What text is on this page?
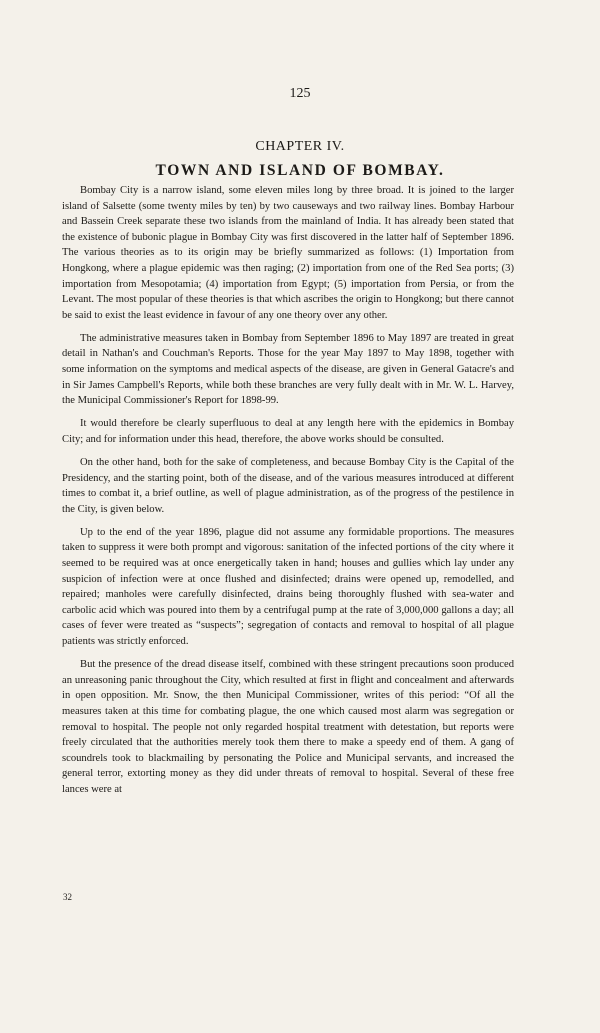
125
CHAPTER IV.
TOWN AND ISLAND OF BOMBAY.

Bombay City is a narrow island, some eleven miles long by three broad. It is joined to the larger island of Salsette (some twenty miles by ten) by two causeways and two railway lines. Bombay Harbour and Bassein Creek separate these two islands from the mainland of India. It has already been stated that the existence of bubonic plague in Bombay City was first discovered in the latter half of September 1896. The various theories as to its origin may be briefly summarized as follows: (1) Importation from Hongkong, where a plague epidemic was then raging; (2) importation from one of the Red Sea ports; (3) importation from Mesopotamia; (4) importation from Egypt; (5) importation from Persia, or from the Levant. The most popular of these theories is that which ascribes the origin to Hongkong; but there cannot be said to exist the least evidence in favour of any one theory over any other.

The administrative measures taken in Bombay from September 1896 to May 1897 are treated in great detail in Nathan's and Couchman's Reports. Those for the year May 1897 to May 1898, together with some information on the symptoms and medical aspects of the disease, are given in General Gatacre's and in Sir James Campbell's Reports, while both these branches are very fully dealt with in Mr. W. L. Harvey, the Municipal Commissioner's Report for 1898-99.

It would therefore be clearly superfluous to deal at any length here with the epidemics in Bombay City; and for information under this head, therefore, the above works should be consulted.

On the other hand, both for the sake of completeness, and because Bombay City is the Capital of the Presidency, and the starting point, both of the disease, and of the various measures introduced at different times to combat it, a brief outline, as well of plague administration, as of the progress of the pestilence in the City, is given below.

Up to the end of the year 1896, plague did not assume any formidable proportions. The measures taken to suppress it were both prompt and vigorous: sanitation of the infected portions of the city where it seemed to be required was at once energetically taken in hand; houses and gullies which lay under any suspicion of infection were at once flushed and disinfected; drains were opened up, remodelled, and repaired; manholes were carefully disinfected, drains being thoroughly flushed with sea-water and carbolic acid which was poured into them by a centrifugal pump at the rate of 3,000,000 gallons a day; all cases of fever were treated as “suspects”; segregation of contacts and removal to hospital of all plague patients was strictly enforced.

But the presence of the dread disease itself, combined with these stringent precautions soon produced an unreasoning panic throughout the City, which resulted at first in flight and concealment and afterwards in open opposition. Mr. Snow, the then Municipal Commissioner, writes of this period: “Of all the measures taken at this time for combating plague, the one which caused most alarm was segregation or removal to hospital. The people not only regarded hospital treatment with detestation, but reports were freely circulated that the authorities merely took them there to make a speedy end of them. A gang of scoundrels took to blackmailing by personating the Police and Municipal servants, and increased the general terror, extorting money as they did under threats of removal to hospital. Several of these free lances were at

32
